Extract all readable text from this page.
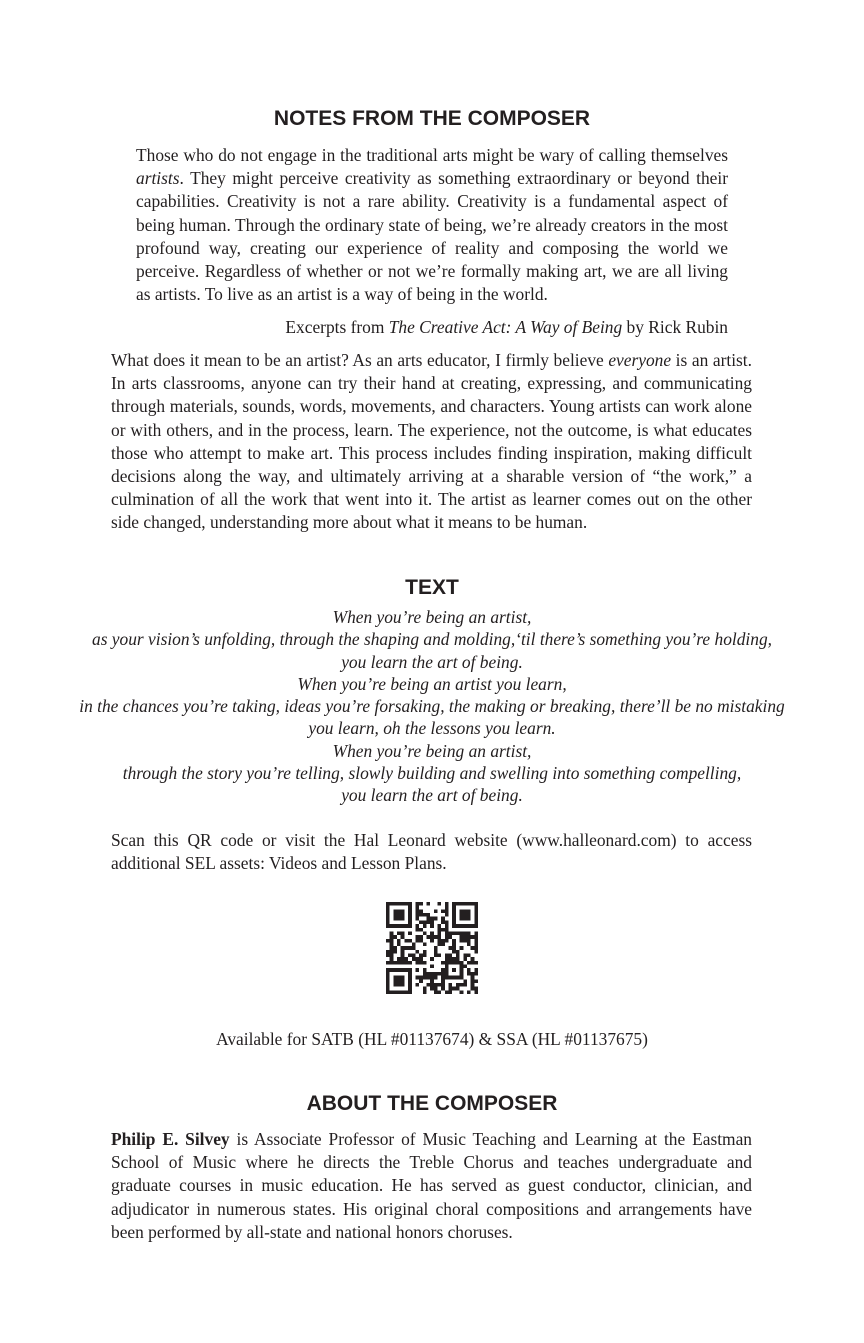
NOTES FROM THE COMPOSER

Those who do not engage in the traditional arts might be wary of calling themselves artists. They might perceive creativity as something extraordinary or beyond their capabilities. Creativity is not a rare ability. Creativity is a fundamental aspect of being human. Through the ordinary state of being, we’re already creators in the most profound way, creating our experience of reality and composing the world we perceive. Regardless of whether or not we’re formally making art, we are all living as artists. To live as an artist is a way of being in the world.

Excerpts from The Creative Act: A Way of Being by Rick Rubin

What does it mean to be an artist? As an arts educator, I firmly believe everyone is an artist. In arts classrooms, anyone can try their hand at creating, expressing, and communicating through materials, sounds, words, movements, and characters. Young artists can work alone or with others, and in the process, learn. The experience, not the outcome, is what educates those who attempt to make art. This process includes finding inspiration, making difficult decisions along the way, and ultimately arriving at a sharable version of “the work,” a culmination of all the work that went into it. The artist as learner comes out on the other side changed, understanding more about what it means to be human.

TEXT
When you’re being an artist,
as your vision’s unfolding, through the shaping and molding,‘til there’s something you’re holding,
you learn the art of being.
When you’re being an artist you learn,
in the chances you’re taking, ideas you’re forsaking, the making or breaking, there’ll be no mistaking
you learn, oh the lessons you learn.
When you’re being an artist,
through the story you’re telling, slowly building and swelling into something compelling,
you learn the art of being.

Scan this QR code or visit the Hal Leonard website (www.halleonard.com) to access additional SEL assets: Videos and Lesson Plans.

Available for SATB (HL #01137674) & SSA (HL #01137675)
ABOUT THE COMPOSER

Philip E. Silvey is Associate Professor of Music Teaching and Learning at the Eastman School of Music where he directs the Treble Chorus and teaches undergraduate and graduate courses in music education. He has served as guest conductor, clinician, and adjudicator in numerous states. His original choral compositions and arrangements have been performed by all-state and national honors choruses.
